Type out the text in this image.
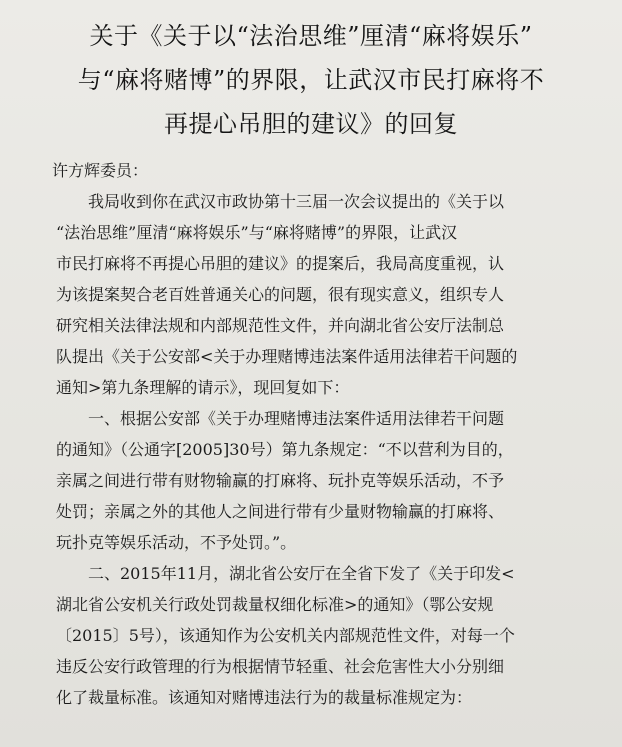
关于《关于以“法治思维”厘清“麻将娱乐”
与“麻将赌博”的界限，让武汉市民打麻将不
再提心吊胆的建议》的回复
许方辉委员：
我局收到你在武汉市政协第十三届一次会议提出的《关于以
“法治思维”厘清“麻将娱乐”与“麻将赌博”的界限，让武汉
市民打麻将不再提心吊胆的建议》的提案后，我局高度重视，认
为该提案契合老百姓普通关心的问题，很有现实意义，组织专人
研究相关法律法规和内部规范性文件，并向湖北省公安厅法制总
队提出《关于公安部<关于办理赌博违法案件适用法律若干问题的
通知>第九条理解的请示》，现回复如下：
一、根据公安部《关于办理赌博违法案件适用法律若干问题
的通知》（公通字[2005]30号）第九条规定：“不以营利为目的，
亲属之间进行带有财物输赢的打麻将、玩扑克等娱乐活动，不予
处罚；亲属之外的其他人之间进行带有少量财物输赢的打麻将、
玩扑克等娱乐活动，不予处罚。”。
二、2015年11月，湖北省公安厅在全省下发了《关于印发<
湖北省公安机关行政处罚裁量权细化标准>的通知》（鄂公安规
〔2015〕5号），该通知作为公安机关内部规范性文件，对每一个
违反公安行政管理的行为根据情节轻重、社会危害性大小分别细
化了裁量标准。该通知对赌博违法行为的裁量标准规定为：
